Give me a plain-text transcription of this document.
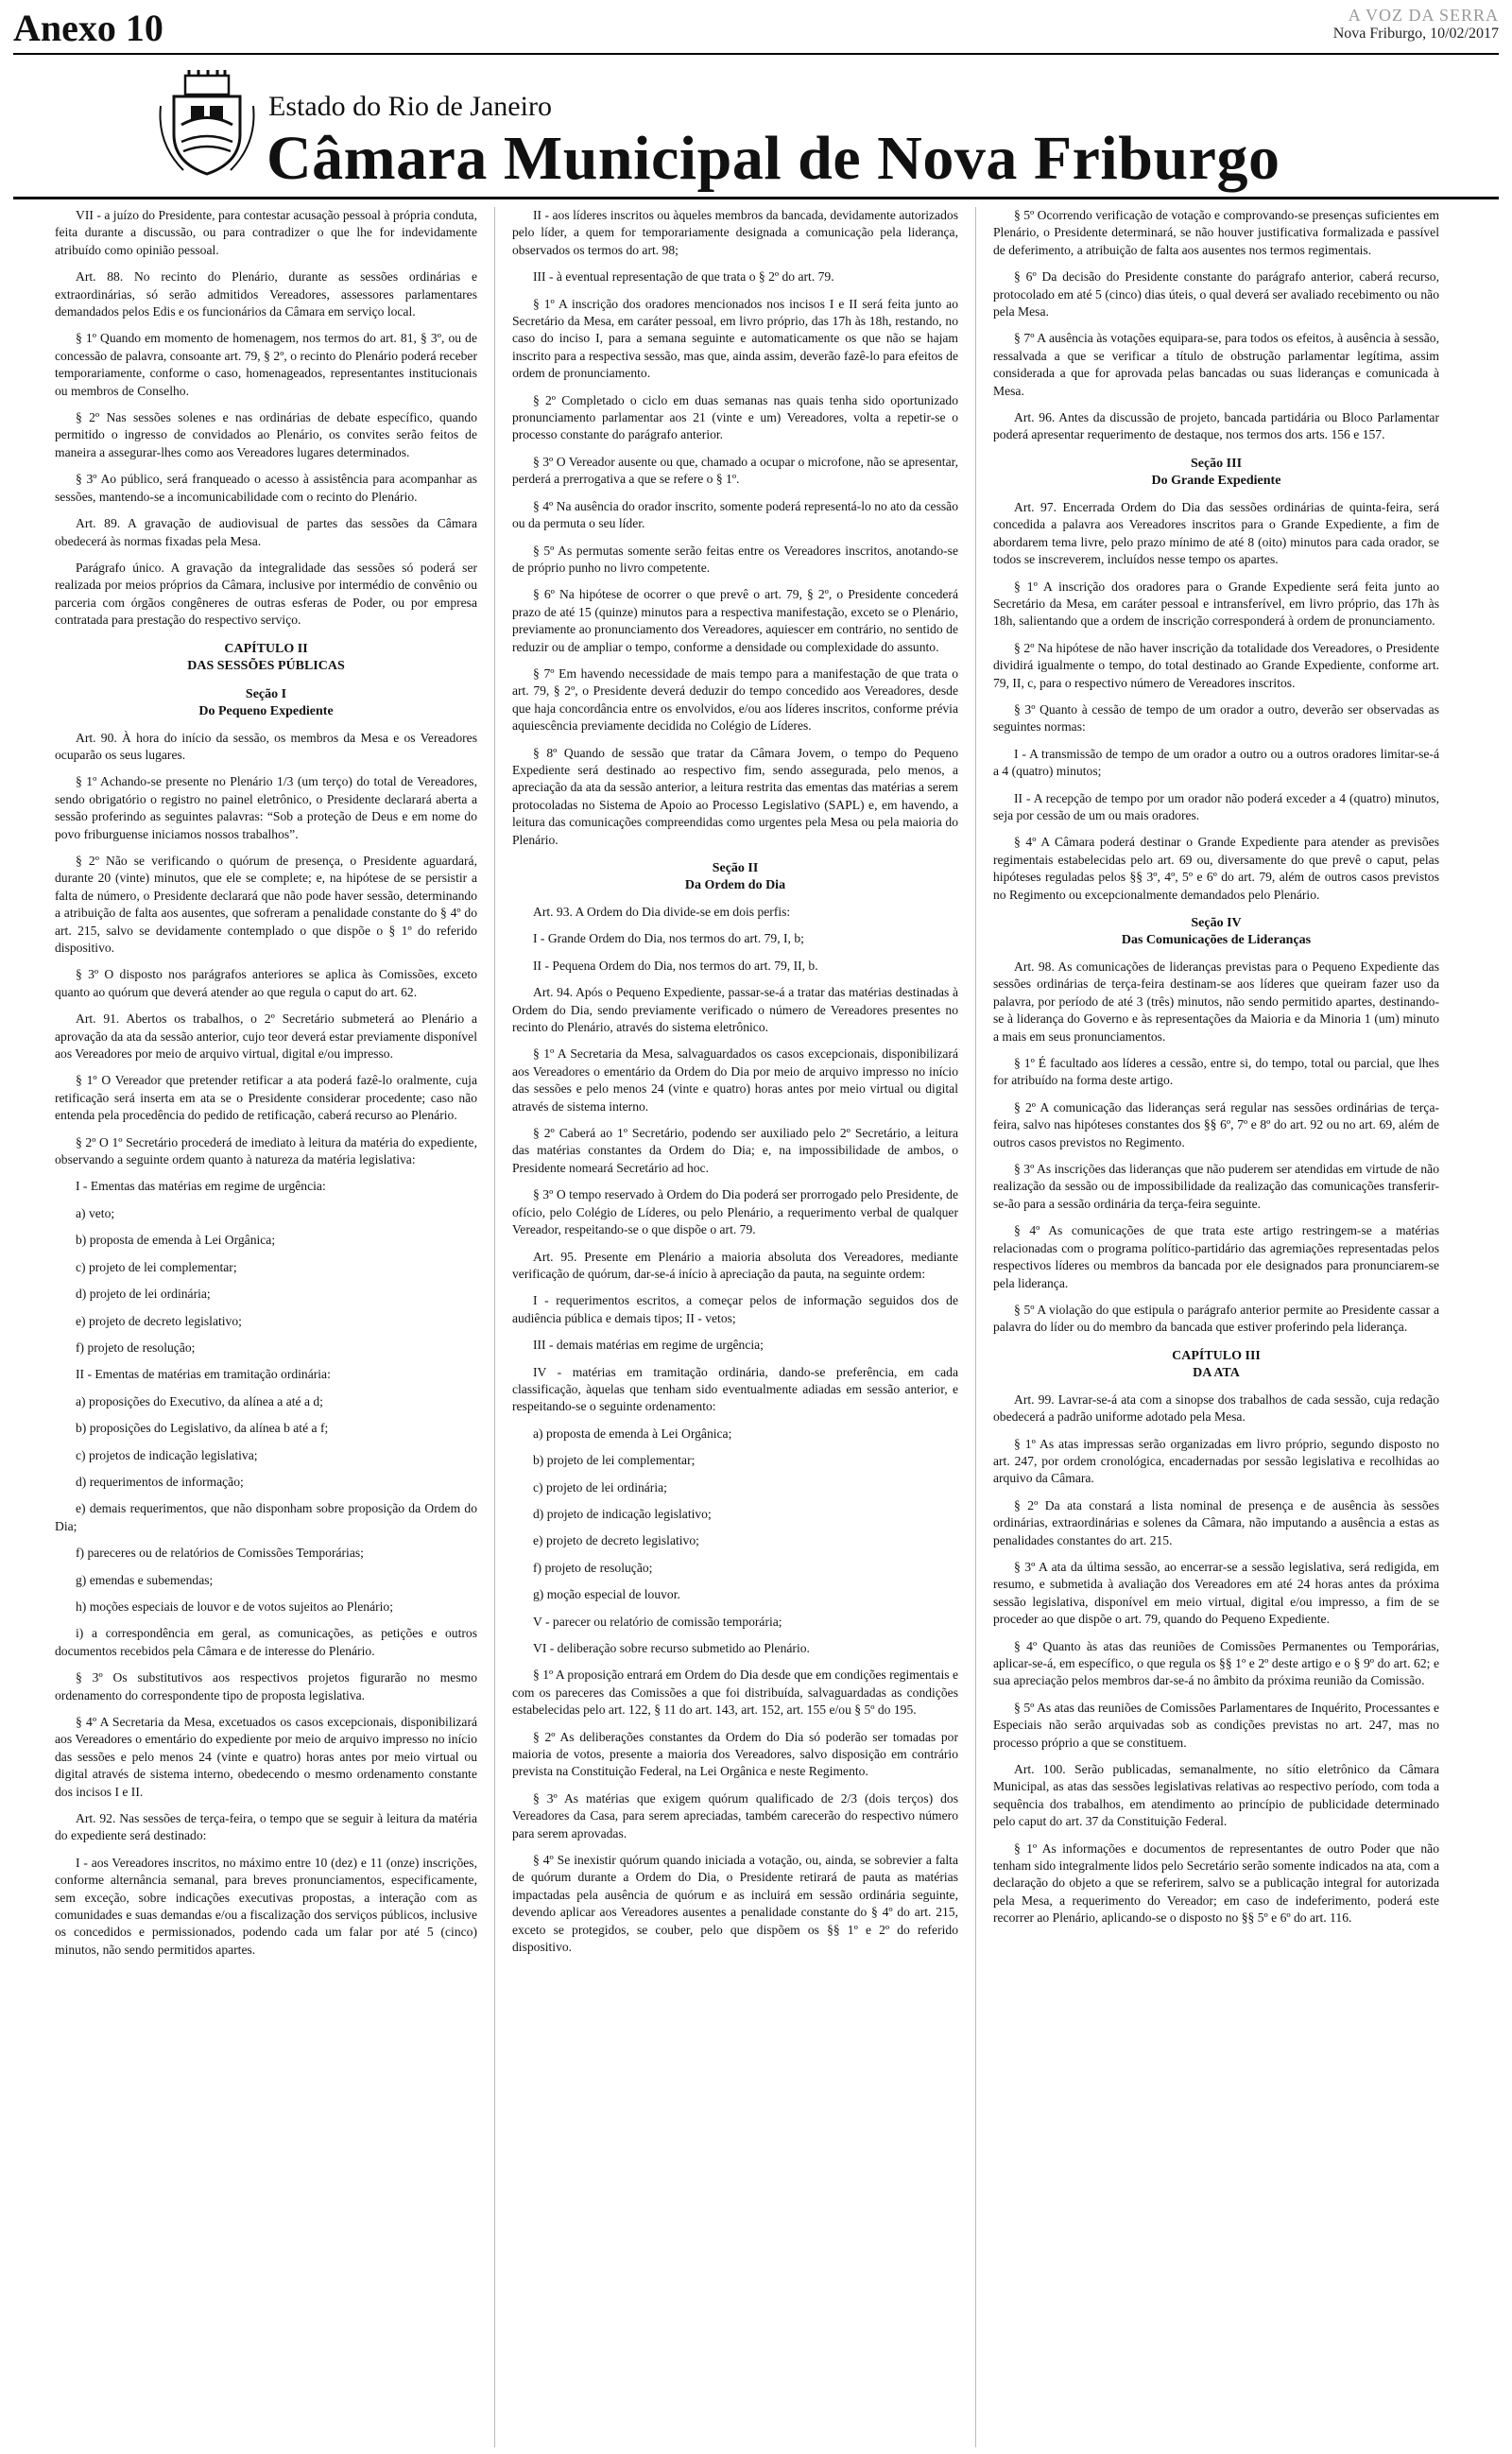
Anexo 10	A VOZ DA SERRA
Nova Friburgo, 10/02/2017
Estado do Rio de Janeiro
Câmara Municipal de Nova Friburgo

VII - a juízo do Presidente, para contestar acusação pessoal à própria conduta, feita durante a discussão, ou para contradizer o que lhe for indevidamente atribuído como opinião pessoal.

Art. 88. No recinto do Plenário, durante as sessões ordinárias e extraordinárias, só serão admitidos Vereadores, assessores parlamentares demandados pelos Edis e os funcionários da Câmara em serviço local.

§ 1º Quando em momento de homenagem, nos termos do art. 81, § 3º, ou de concessão de palavra, consoante art. 79, § 2º, o recinto do Plenário poderá receber temporariamente, conforme o caso, homenageados, representantes institucionais ou membros de Conselho.

§ 2º Nas sessões solenes e nas ordinárias de debate específico, quando permitido o ingresso de convidados ao Plenário, os convites serão feitos de maneira a assegurar-lhes como aos Vereadores lugares determinados.

§ 3º Ao público, será franqueado o acesso à assistência para acompanhar as sessões, mantendo-se a incomunicabilidade com o recinto do Plenário.

Art. 89. A gravação de audiovisual de partes das sessões da Câmara obedecerá às normas fixadas pela Mesa.

Parágrafo único. A gravação da integralidade das sessões só poderá ser realizada por meios próprios da Câmara, inclusive por intermédio de convênio ou parceria com órgãos congêneres de outras esferas de Poder, ou por empresa contratada para prestação do respectivo serviço.

CAPÍTULO II
DAS SESSÕES PÚBLICAS
Seção I
Do Pequeno Expediente

Art. 90. À hora do início da sessão, os membros da Mesa e os Vereadores ocuparão os seus lugares.

§ 1º Achando-se presente no Plenário 1/3 (um terço) do total de Vereadores, sendo obrigatório o registro no painel eletrônico, o Presidente declarará aberta a sessão proferindo as seguintes palavras: “Sob a proteção de Deus e em nome do povo friburguense iniciamos nossos trabalhos”.

§ 2º Não se verificando o quórum de presença, o Presidente aguardará, durante 20 (vinte) minutos, que ele se complete; e, na hipótese de se persistir a falta de número, o Presidente declarará que não pode haver sessão, determinando a atribuição de falta aos ausentes, que sofreram a penalidade constante do § 4º do art. 215, salvo se devidamente contemplado o que dispõe o § 1º do referido dispositivo.

§ 3º O disposto nos parágrafos anteriores se aplica às Comissões, exceto quanto ao quórum que deverá atender ao que regula o caput do art. 62.

Art. 91. Abertos os trabalhos, o 2º Secretário submeterá ao Plenário a aprovação da ata da sessão anterior, cujo teor deverá estar previamente disponível aos Vereadores por meio de arquivo virtual, digital e/ou impresso.

§ 1º O Vereador que pretender retificar a ata poderá fazê-lo oralmente, cuja retificação será inserta em ata se o Presidente considerar procedente; caso não entenda pela procedência do pedido de retificação, caberá recurso ao Plenário.

§ 2º O 1º Secretário procederá de imediato à leitura da matéria do expediente, observando a seguinte ordem quanto à natureza da matéria legislativa:

I - Ementas das matérias em regime de urgência:

a) veto;

b) proposta de emenda à Lei Orgânica;

c) projeto de lei complementar;

d) projeto de lei ordinária;

e) projeto de decreto legislativo;

f) projeto de resolução;

II - Ementas de matérias em tramitação ordinária:

a) proposições do Executivo, da alínea a até a d;

b) proposições do Legislativo, da alínea b até a f;

c) projetos de indicação legislativa;

d) requerimentos de informação;

e) demais requerimentos, que não disponham sobre proposição da Ordem do Dia;

f) pareceres ou de relatórios de Comissões Temporárias;

g) emendas e subemendas;

h) moções especiais de louvor e de votos sujeitos ao Plenário;

i) a correspondência em geral, as comunicações, as petições e outros documentos recebidos pela Câmara e de interesse do Plenário.

§ 3º Os substitutivos aos respectivos projetos figurarão no mesmo ordenamento do correspondente tipo de proposta legislativa.

§ 4º A Secretaria da Mesa, excetuados os casos excepcionais, disponibilizará aos Vereadores o ementário do expediente por meio de arquivo impresso no início das sessões e pelo menos 24 (vinte e quatro) horas antes por meio virtual ou digital através de sistema interno, obedecendo o mesmo ordenamento constante dos incisos I e II.

Art. 92. Nas sessões de terça-feira, o tempo que se seguir à leitura da matéria do expediente será destinado:

I - aos Vereadores inscritos, no máximo entre 10 (dez) e 11 (onze) inscrições, conforme alternância semanal, para breves pronunciamentos, especificamente, sem exceção, sobre indicações executivas propostas, a interação com as comunidades e suas demandas e/ou a fiscalização dos serviços públicos, inclusive os concedidos e permissionados, podendo cada um falar por até 5 (cinco) minutos, não sendo permitidos apartes.

II - aos líderes inscritos ou àqueles membros da bancada, devidamente autorizados pelo líder, a quem for temporariamente designada a comunicação pela liderança, observados os termos do art. 98;

III - à eventual representação de que trata o § 2º do art. 79.

§ 1º A inscrição dos oradores mencionados nos incisos I e II será feita junto ao Secretário da Mesa, em caráter pessoal, em livro próprio, das 17h às 18h, restando, no caso do inciso I, para a semana seguinte e automaticamente os que não se hajam inscrito para a respectiva sessão, mas que, ainda assim, deverão fazê-lo para efeitos de ordem de pronunciamento.

§ 2º Completado o ciclo em duas semanas nas quais tenha sido oportunizado pronunciamento parlamentar aos 21 (vinte e um) Vereadores, volta a repetir-se o processo constante do parágrafo anterior.

§ 3º O Vereador ausente ou que, chamado a ocupar o microfone, não se apresentar, perderá a prerrogativa a que se refere o § 1º.

§ 4º Na ausência do orador inscrito, somente poderá representá-lo no ato da cessão ou da permuta o seu líder.

§ 5º As permutas somente serão feitas entre os Vereadores inscritos, anotando-se de próprio punho no livro competente.

§ 6º Na hipótese de ocorrer o que prevê o art. 79, § 2º, o Presidente concederá prazo de até 15 (quinze) minutos para a respectiva manifestação, exceto se o Plenário, previamente ao pronunciamento dos Vereadores, aquiescer em contrário, no sentido de reduzir ou de ampliar o tempo, conforme a densidade ou complexidade do assunto.

§ 7º Em havendo necessidade de mais tempo para a manifestação de que trata o art. 79, § 2º, o Presidente deverá deduzir do tempo concedido aos Vereadores, desde que haja concordância entre os envolvidos, e/ou aos líderes inscritos, conforme prévia aquiescência previamente decidida no Colégio de Líderes.

§ 8º Quando de sessão que tratar da Câmara Jovem, o tempo do Pequeno Expediente será destinado ao respectivo fim, sendo assegurada, pelo menos, a apreciação da ata da sessão anterior, a leitura restrita das ementas das matérias a serem protocoladas no Sistema de Apoio ao Processo Legislativo (SAPL) e, em havendo, a leitura das comunicações compreendidas como urgentes pela Mesa ou pela maioria do Plenário.

Seção II
Da Ordem do Dia

Art. 93. A Ordem do Dia divide-se em dois perfis:

I - Grande Ordem do Dia, nos termos do art. 79, I, b;

II - Pequena Ordem do Dia, nos termos do art. 79, II, b.

Art. 94. Após o Pequeno Expediente, passar-se-á a tratar das matérias destinadas à Ordem do Dia, sendo previamente verificado o número de Vereadores presentes no recinto do Plenário, através do sistema eletrônico.

§ 1º A Secretaria da Mesa, salvaguardados os casos excepcionais, disponibilizará aos Vereadores o ementário da Ordem do Dia por meio de arquivo impresso no início das sessões e pelo menos 24 (vinte e quatro) horas antes por meio virtual ou digital através de sistema interno.

§ 2º Caberá ao 1º Secretário, podendo ser auxiliado pelo 2º Secretário, a leitura das matérias constantes da Ordem do Dia; e, na impossibilidade de ambos, o Presidente nomeará Secretário ad hoc.

§ 3º O tempo reservado à Ordem do Dia poderá ser prorrogado pelo Presidente, de ofício, pelo Colégio de Líderes, ou pelo Plenário, a requerimento verbal de qualquer Vereador, respeitando-se o que dispõe o art. 79.

Art. 95. Presente em Plenário a maioria absoluta dos Vereadores, mediante verificação de quórum, dar-se-á início à apreciação da pauta, na seguinte ordem:

I - requerimentos escritos, a começar pelos de informação seguidos dos de audiência pública e demais tipos; II - vetos;

III - demais matérias em regime de urgência;

IV - matérias em tramitação ordinária, dando-se preferência, em cada classificação, àquelas que tenham sido eventualmente adiadas em sessão anterior, e respeitando-se o seguinte ordenamento:

a) proposta de emenda à Lei Orgânica;

b) projeto de lei complementar;

c) projeto de lei ordinária;

d) projeto de indicação legislativo;

e) projeto de decreto legislativo;

f) projeto de resolução;

g) moção especial de louvor.

V - parecer ou relatório de comissão temporária;

VI - deliberação sobre recurso submetido ao Plenário.

§ 1º A proposição entrará em Ordem do Dia desde que em condições regimentais e com os pareceres das Comissões a que foi distribuída, salvaguardadas as condições estabelecidas pelo art. 122, § 11 do art. 143, art. 152, art. 155 e/ou § 5º do 195.

§ 2º As deliberações constantes da Ordem do Dia só poderão ser tomadas por maioria de votos, presente a maioria dos Vereadores, salvo disposição em contrário prevista na Constituição Federal, na Lei Orgânica e neste Regimento.

§ 3º As matérias que exigem quórum qualificado de 2/3 (dois terços) dos Vereadores da Casa, para serem apreciadas, também carecerão do respectivo número para serem aprovadas.

§ 4º Se inexistir quórum quando iniciada a votação, ou, ainda, se sobrevier a falta de quórum durante a Ordem do Dia, o Presidente retirará de pauta as matérias impactadas pela ausência de quórum e as incluirá em sessão ordinária seguinte, devendo aplicar aos Vereadores ausentes a penalidade constante do § 4º do art. 215, exceto se protegidos, se couber, pelo que dispõem os §§ 1º e 2º do referido dispositivo.

§ 5º Ocorrendo verificação de votação e comprovando-se presenças suficientes em Plenário, o Presidente determinará, se não houver justificativa formalizada e passível de deferimento, a atribuição de falta aos ausentes nos termos regimentais.

§ 6º Da decisão do Presidente constante do parágrafo anterior, caberá recurso, protocolado em até 5 (cinco) dias úteis, o qual deverá ser avaliado recebimento ou não pela Mesa.

§ 7º A ausência às votações equipara-se, para todos os efeitos, à ausência à sessão, ressalvada a que se verificar a título de obstrução parlamentar legítima, assim considerada a que for aprovada pelas bancadas ou suas lideranças e comunicada à Mesa.

Art. 96. Antes da discussão de projeto, bancada partidária ou Bloco Parlamentar poderá apresentar requerimento de destaque, nos termos dos arts. 156 e 157.

Seção III
Do Grande Expediente

Art. 97. Encerrada Ordem do Dia das sessões ordinárias de quinta-feira, será concedida a palavra aos Vereadores inscritos para o Grande Expediente, a fim de abordarem tema livre, pelo prazo mínimo de até 8 (oito) minutos para cada orador, se todos se inscreverem, incluídos nesse tempo os apartes.

§ 1º A inscrição dos oradores para o Grande Expediente será feita junto ao Secretário da Mesa, em caráter pessoal e intransferível, em livro próprio, das 17h às 18h, salientando que a ordem de inscrição corresponderá à ordem de pronunciamento.

§ 2º Na hipótese de não haver inscrição da totalidade dos Vereadores, o Presidente dividirá igualmente o tempo, do total destinado ao Grande Expediente, conforme art. 79, II, c, para o respectivo número de Vereadores inscritos.

§ 3º Quanto à cessão de tempo de um orador a outro, deverão ser observadas as seguintes normas:

I - A transmissão de tempo de um orador a outro ou a outros oradores limitar-se-á a 4 (quatro) minutos;

II - A recepção de tempo por um orador não poderá exceder a 4 (quatro) minutos, seja por cessão de um ou mais oradores.

§ 4º A Câmara poderá destinar o Grande Expediente para atender as previsões regimentais estabelecidas pelo art. 69 ou, diversamente do que prevê o caput, pelas hipóteses reguladas pelos §§ 3º, 4º, 5º e 6º do art. 79, além de outros casos previstos no Regimento ou excepcionalmente demandados pelo Plenário.

Seção IV
Das Comunicações de Lideranças

Art. 98. As comunicações de lideranças previstas para o Pequeno Expediente das sessões ordinárias de terça-feira destinam-se aos líderes que queiram fazer uso da palavra, por período de até 3 (três) minutos, não sendo permitido apartes, destinando-se à liderança do Governo e às representações da Maioria e da Minoria 1 (um) minuto a mais em seus pronunciamentos.

§ 1º É facultado aos líderes a cessão, entre si, do tempo, total ou parcial, que lhes for atribuído na forma deste artigo.

§ 2º A comunicação das lideranças será regular nas sessões ordinárias de terça-feira, salvo nas hipóteses constantes dos §§ 6º, 7º e 8º do art. 92 ou no art. 69, além de outros casos previstos no Regimento.

§ 3º As inscrições das lideranças que não puderem ser atendidas em virtude de não realização da sessão ou de impossibilidade da realização das comunicações transferir-se-ão para a sessão ordinária da terça-feira seguinte.

§ 4º As comunicações de que trata este artigo restringem-se a matérias relacionadas com o programa político-partidário das agremiações representadas pelos respectivos líderes ou membros da bancada por ele designados para pronunciarem-se pela liderança.

§ 5º A violação do que estipula o parágrafo anterior permite ao Presidente cassar a palavra do líder ou do membro da bancada que estiver proferindo pela liderança.

CAPÍTULO III
DA ATA

Art. 99. Lavrar-se-á ata com a sinopse dos trabalhos de cada sessão, cuja redação obedecerá a padrão uniforme adotado pela Mesa.

§ 1º As atas impressas serão organizadas em livro próprio, segundo disposto no art. 247, por ordem cronológica, encadernadas por sessão legislativa e recolhidas ao arquivo da Câmara.

§ 2º Da ata constará a lista nominal de presença e de ausência às sessões ordinárias, extraordinárias e solenes da Câmara, não imputando a ausência a estas as penalidades constantes do art. 215.

§ 3º A ata da última sessão, ao encerrar-se a sessão legislativa, será redigida, em resumo, e submetida à avaliação dos Vereadores em até 24 horas antes da próxima sessão legislativa, disponível em meio virtual, digital e/ou impresso, a fim de se proceder ao que dispõe o art. 79, quando do Pequeno Expediente.

§ 4º Quanto às atas das reuniões de Comissões Permanentes ou Temporárias, aplicar-se-á, em específico, o que regula os §§ 1º e 2º deste artigo e o § 9º do art. 62; e sua apreciação pelos membros dar-se-á no âmbito da próxima reunião da Comissão.

§ 5º As atas das reuniões de Comissões Parlamentares de Inquérito, Processantes e Especiais não serão arquivadas sob as condições previstas no art. 247, mas no processo próprio a que se constituem.

Art. 100. Serão publicadas, semanalmente, no sítio eletrônico da Câmara Municipal, as atas das sessões legislativas relativas ao respectivo período, com toda a sequência dos trabalhos, em atendimento ao princípio de publicidade determinado pelo caput do art. 37 da Constituição Federal.

§ 1º As informações e documentos de representantes de outro Poder que não tenham sido integralmente lidos pelo Secretário serão somente indicados na ata, com a declaração do objeto a que se referirem, salvo se a publicação integral for autorizada pela Mesa, a requerimento do Vereador; em caso de indeferimento, poderá este recorrer ao Plenário, aplicando-se o disposto no §§ 5º e 6º do art. 116.
